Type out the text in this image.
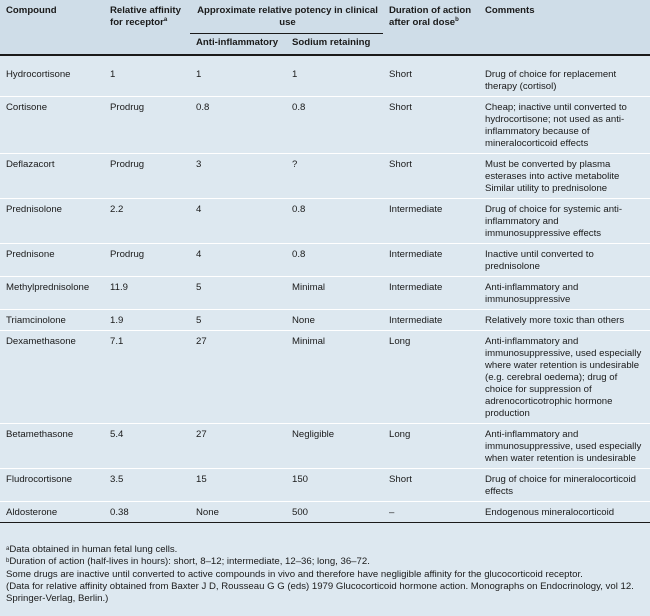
Compound	Relative affinity for receptor$^a$	Approximate relative potency in clinical use		Duration of action after oral dose$^b$	Comments
		Anti-inflammatory	Sodium retaining		
Hydrocortisone	1	1	1	Short	Drug of choice for replacement therapy (cortisol)
Cortisone	Prodrug	0.8	0.8	Short	Cheap; inactive until converted to hydrocortisone; not used as anti-inflammatory because of mineralocorticoid effects
Deflazacort	Prodrug	3	?	Short	Must be converted by plasma esterases into active metabolite Similar utility to prednisolone
Prednisolone	2.2	4	0.8	Intermediate	Drug of choice for systemic anti-inflammatory and immunosuppressive effects
Prednisone	Prodrug	4	0.8	Intermediate	Inactive until converted to prednisolone
Methylprednisolone	11.9	5	Minimal	Intermediate	Anti-inflammatory and immunosuppressive
Triamcinolone	1.9	5	None	Intermediate	Relatively more toxic than others
Dexamethasone	7.1	27	Minimal	Long	Anti-inflammatory and immunosuppressive, used especially where water retention is undesirable (e.g. cerebral oedema); drug of choice for suppression of adrenocorticotrophic hormone production
Betamethasone	5.4	27	Negligible	Long	Anti-inflammatory and immunosuppressive, used especially when water retention is undesirable
Fludrocortisone	3.5	15	150	Short	Drug of choice for mineralocorticoid effects
Aldosterone	0.38	None	500	–	Endogenous mineralocorticoid
$^a$Data obtained in human fetal lung cells.
$^b$Duration of action (half-lives in hours): short, 8–12; intermediate, 12–36; long, 36–72.
Some drugs are inactive until converted to active compounds in vivo and therefore have negligible affinity for the glucocorticoid receptor.
(Data for relative affinity obtained from Baxter J D, Rousseau G G (eds) 1979 Glucocorticoid hormone action. Monographs on Endocrinology, vol 12. Springer-Verlag, Berlin.)
